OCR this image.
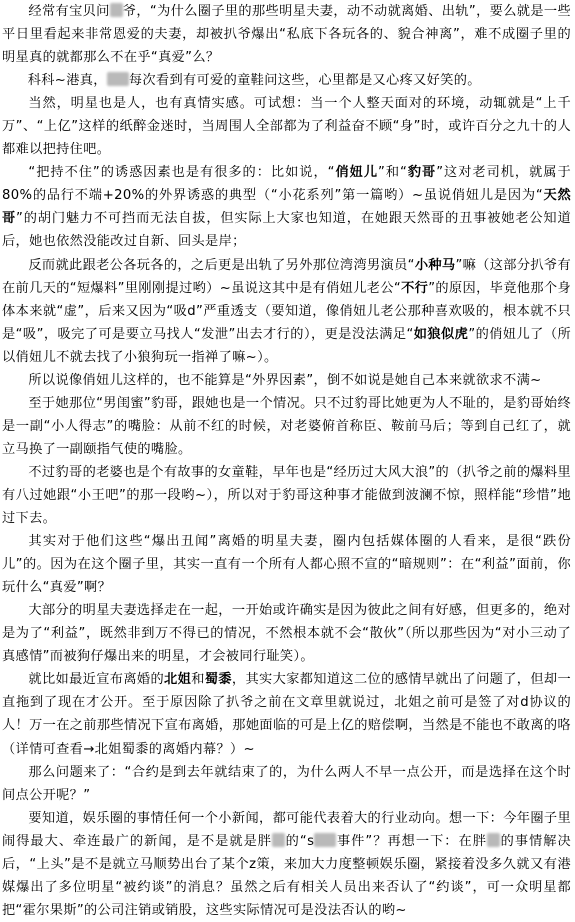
经常有宝贝问 爷，“为什么圈子里的那些明星夫妻，动不动就离婚、出轨”，要么就是一些平日里看起来非常恩爱的夫妻，却被扒爷爆出“私底下各玩各的、貌合神离”，难不成圈子里的明星真的就都那么不在乎“真爱”么？

科科~港真， 每次看到有可爱的童鞋问这些，心里都是又心疼又好笑的。

当然，明星也是人，也有真情实感。可试想：当一个人整天面对的环境，动辄就是“上千万”、“上亿”这样的纸醉金迷时，当周围人全部都为了利益奋不顾“身”时，或许百分之九十的人都难以把持住吧。

“把持不住”的诱惑因素也是有很多的：比如说，“俏妞儿”和“豹哥”这对老司机，就属于80%的品行不端+20%的外界诱惑的典型（“小花系列”第一篇哟）~虽说俏妞儿是因为“天然哥”的胡门魅力不可挡而无法自拔，但实际上大家也知道，在她跟天然哥的丑事被她老公知道后，她也依然没能改过自新、回头是岸；

反而就此跟老公各玩各的，之后更是出轨了另外那位湾湾男演员“小种马”嘛（这部分扒爷有在前几天的“短爆料”里刚刚提过哟）~虽说这其中是有俏妞儿老公“不行”的原因，毕竟他那个身体本来就“虚”，后来又因为“吸d”严重透支（要知道，像俏妞儿老公那种喜欢吸的，根本就不只是“吸”，吸完了可是要立马找人“发泄”出去才行的），更是没法满足“如狼似虎”的俏妞儿了（所以俏妞儿不就去找了小狼狗玩一指禅了嘛~）。

所以说像俏妞儿这样的，也不能算是“外界因素”，倒不如说是她自己本来就欲求不满~

至于她那位“男闺蜜”豹哥，跟她也是一个情况。只不过豹哥比她更为人不耻的，是豹哥始终是一副“小人得志”的嘴脸：从前不红的时候，对老婆俯首称臣、鞍前马后；等到自己红了，就立马换了一副颐指气使的嘴脸。

不过豹哥的老婆也是个有故事的女童鞋，早年也是“经历过大风大浪”的（扒爷之前的爆料里有八过她跟“小王吧”的那一段哟~），所以对于豹哥这种事才能做到波澜不惊，照样能“珍惜”地过下去。

其实对于他们这些“爆出丑闻”离婚的明星夫妻，圈内包括媒体圈的人看来，是很“跌份儿”的。因为在这个圈子里，其实一直有一个所有人都心照不宣的“暗规则”：在“利益”面前，你玩什么“真爱”啊？

大部分的明星夫妻选择走在一起，一开始或许确实是因为彼此之间有好感，但更多的，绝对是为了“利益”，既然非到万不得已的情况，不然根本就不会“散伙”（所以那些因为“对小三动了真感情”而被狗仔爆出来的明星，才会被同行耻笑）。

就比如最近宣布离婚的北姐和蜀黍，其实大家都知道这二位的感情早就出了问题了，但却一直拖到了现在才公开。至于原因除了扒爷之前在文章里就说过，北姐之前可是签了对d协议的人！万一在之前那些情况下宣布离婚，那她面临的可是上亿的赔偿啊，当然是不能也不敢离的咯（详情可查看→北姐蜀黍的离婚内幕？）~

那么问题来了：“合约是到去年就结束了的，为什么两人不早一点公开，而是选择在这个时间点公开呢？”

要知道，娱乐圈的事情任何一个小新闻，都可能代表着大的行业动向。想一下：今年圈子里闹得最大、牵连最广的新闻，是不是就是胖 的“s 事件”？再想一下：在胖 的事情解决后，“上头”是不是就立马顺势出台了某个z策，来加大力度整顿娱乐圈，紧接着没多久就又有港媒爆出了多位明星“被约谈”的消息？虽然之后有相关人员出来否认了“约谈”，可一众明星都把“霍尔果斯”的公司注销或销股，这些实际情况可是没法否认的哟~
